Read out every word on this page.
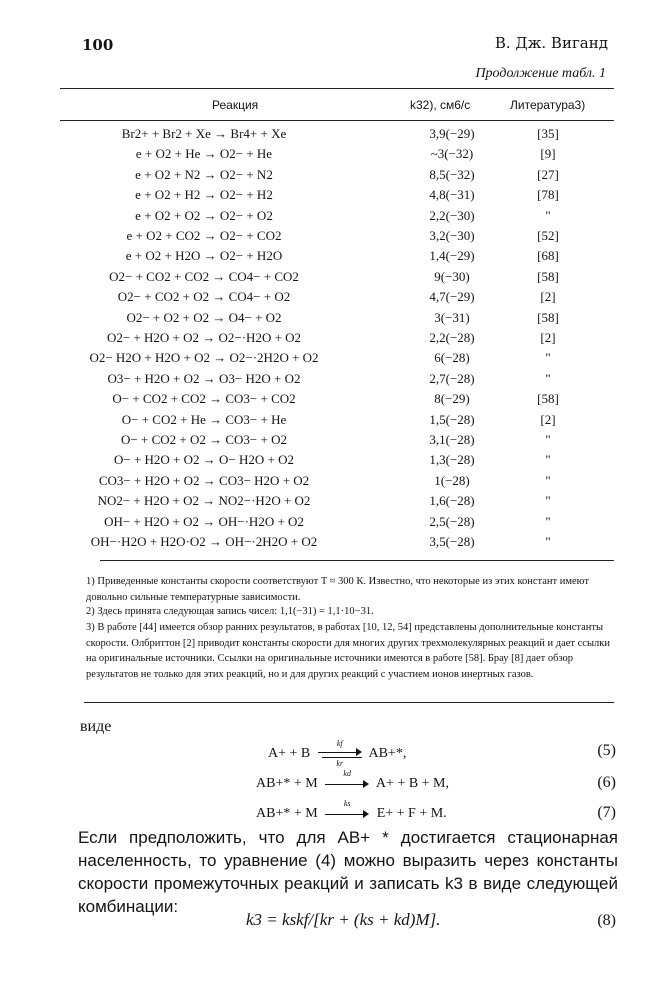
100	В. Дж. Виганд
Продолжение табл. 1
Реакция	k32), см6/с	Литература3)
Br2+ + Br2 + Xe → Br4+ + Xe	3,9(−29)	[35]
e + O2 + He → O2− + He	~3(−32)	[9]
e + O2 + N2 → O2− + N2	8,5(−32)	[27]
e + O2 + H2 → O2− + H2	4,8(−31)	[78]
e + O2 + O2 → O2− + O2	2,2(−30)	"
e + O2 + CO2 → O2− + CO2	3,2(−30)	[52]
e + O2 + H2O → O2− + H2O	1,4(−29)	[68]
O2− + CO2 + CO2 → CO4− + CO2	9(−30)	[58]
O2− + CO2 + O2 → CO4− + O2	4,7(−29)	[2]
O2− + O2 + O2 → O4− + O2	3(−31)	[58]
O2− + H2O + O2 → O2−·H2O + O2	2,2(−28)	[2]
O2− H2O + H2O + O2 → O2−·2H2O + O2	6(−28)	"
O3− + H2O + O2 → O3− H2O + O2	2,7(−28)	"
O− + CO2 + CO2 → CO3− + CO2	8(−29)	[58]
O− + CO2 + He → CO3− + He	1,5(−28)	[2]
O− + CO2 + O2 → CO3− + O2	3,1(−28)	"
O− + H2O + O2 → O− H2O + O2	1,3(−28)	"
CO3− + H2O + O2 → CO3− H2O + O2	1(−28)	"
NO2− + H2O + O2 → NO2−·H2O + O2	1,6(−28)	"
OH− + H2O + O2 → OH−·H2O + O2	2,5(−28)	"
OH−·H2O + H2O·O2 → OH−·2H2O + O2	3,5(−28)	"
1) Приведенные константы скорости соответствуют T ≈ 300 К. Известно, что некоторые из этих констант имеют довольно сильные температурные зависимости.
2) Здесь принята следующая запись чисел: 1,1(−31) = 1,1·10−31.
3) В работе [44] имеется обзор ранних результатов, в работах [10, 12, 54] представлены дополнительные константы скорости. Олбриттон [2] приводит константы скорости для многих других трехмолекулярных реакций и дает ссылки на оригинальные источники. Ссылки на оригинальные источники имеются в работе [58]. Брау [8] дает обзор результатов не только для этих реакций, но и для других реакций с участием ионов инертных газов.
виде
A+ + B $\frac{kf}{kr} AB+*$,	(5)
AB+* + M
kd
A+ + B + M,	(6)
AB+* + M
ks
E+ + F + M.	(7)
Если предположить, что для AB+ * достигается стационарная населенность, то уравнение (4) можно выразить через константы скорости промежуточных реакций и записать k3 в виде следующей комбинации:
k3 = kskf/[kr + (ks + kd)M].	(8)
